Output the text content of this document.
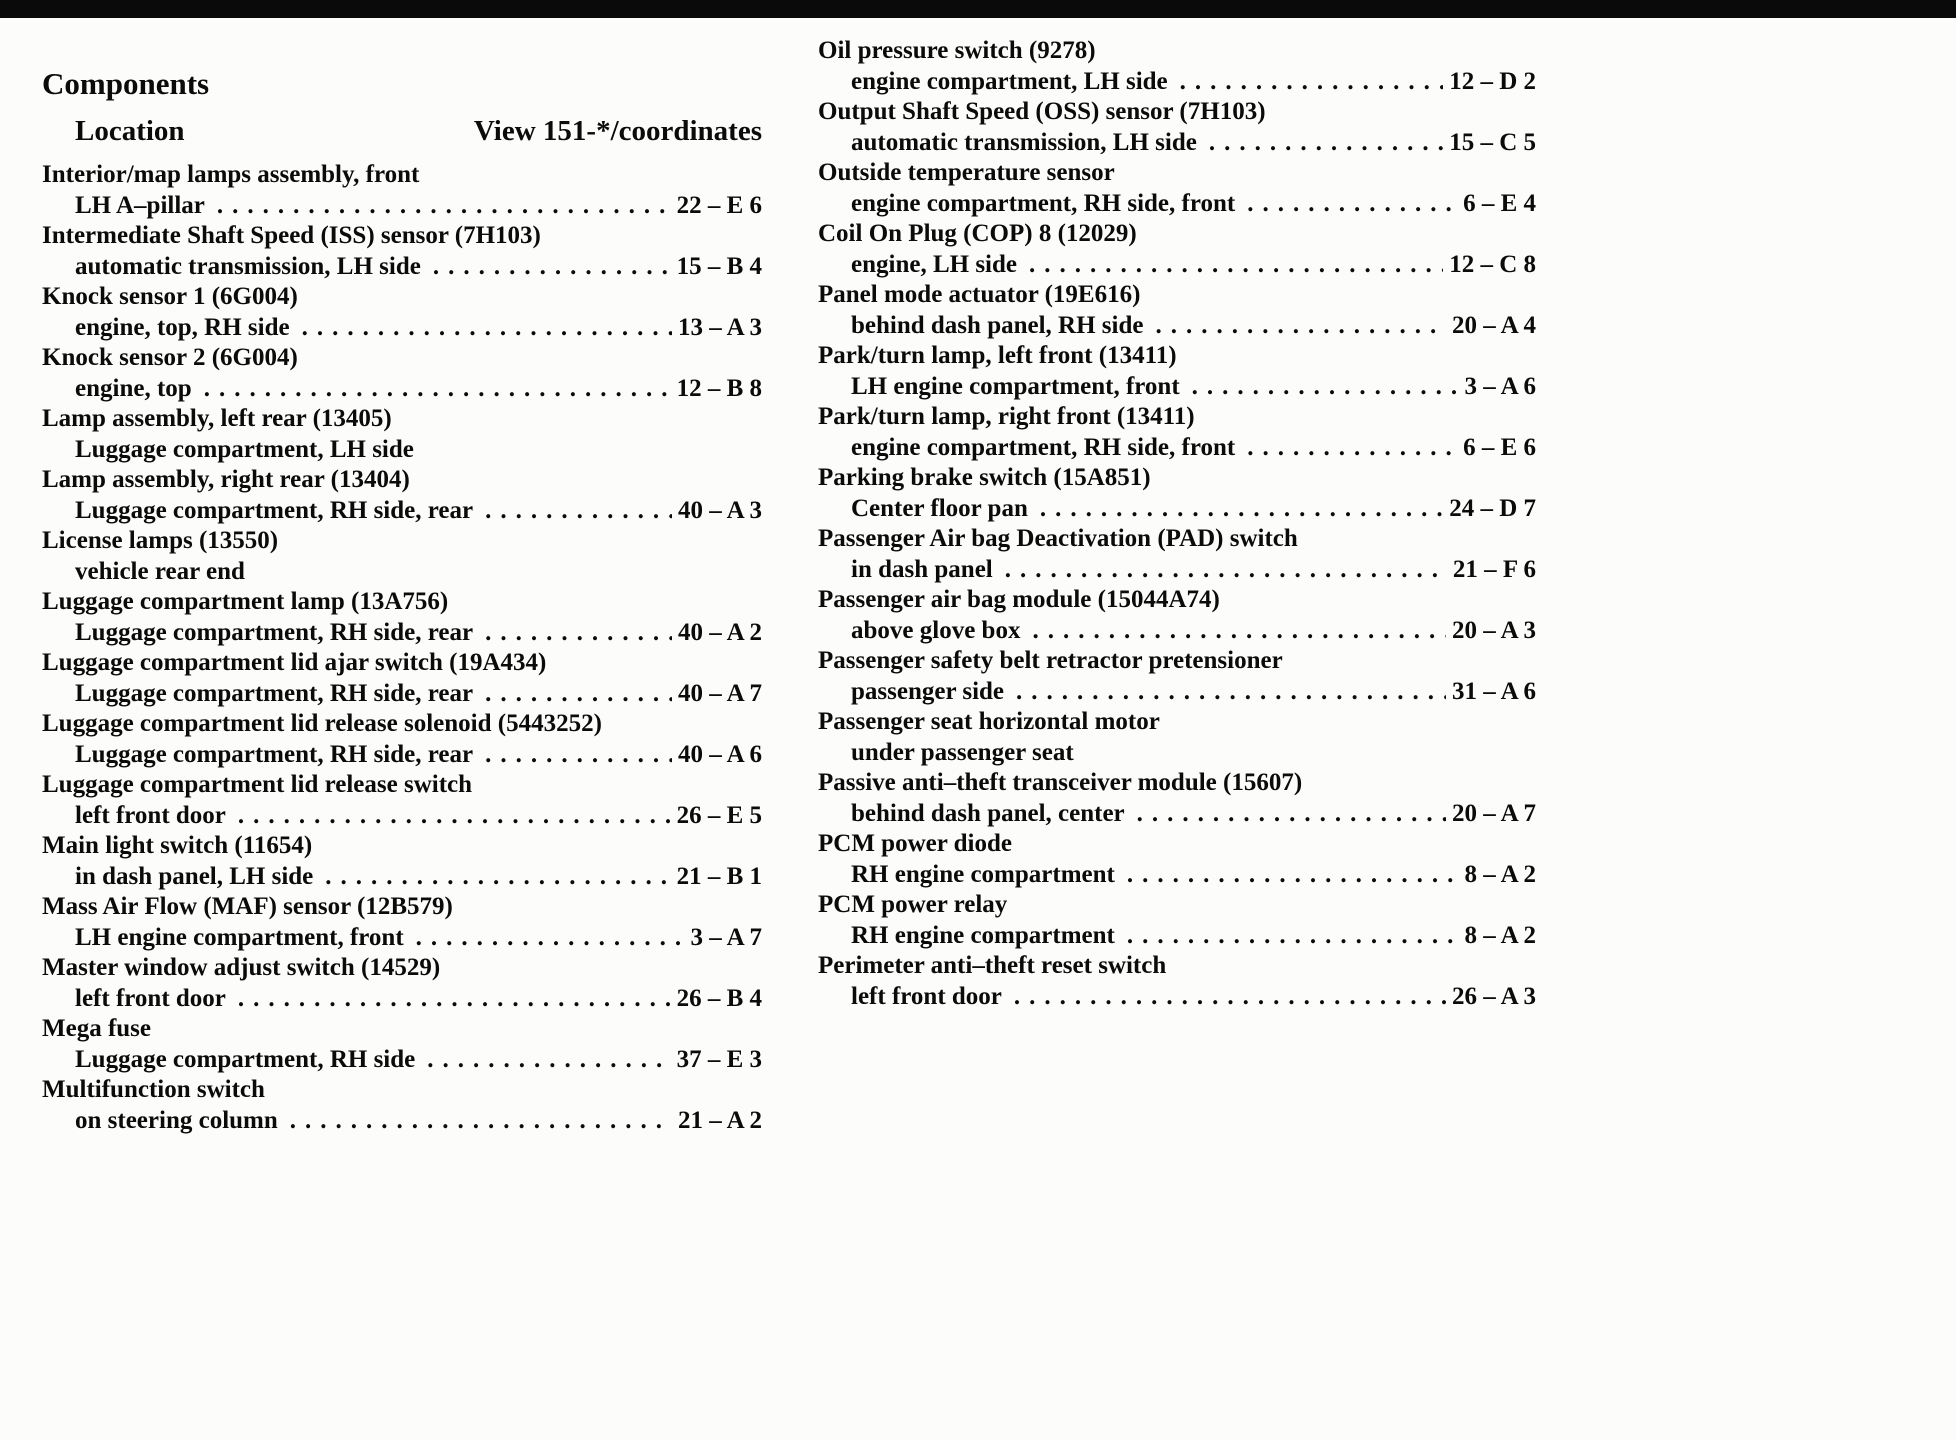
Components
Location	View 151-*/coordinates
Interior/map lamps assembly, front
LH A–pillar .....	22 – E 6
Intermediate Shaft Speed (ISS) sensor (7H103)
automatic transmission, LH side .....	15 – B 4
Knock sensor 1 (6G004)
engine, top, RH side .....	13 – A 3
Knock sensor 2 (6G004)
engine, top .....	12 – B 8
Lamp assembly, left rear (13405)
Luggage compartment, LH side
Lamp assembly, right rear (13404)
Luggage compartment, RH side, rear .....	40 – A 3
License lamps (13550)
vehicle rear end
Luggage compartment lamp (13A756)
Luggage compartment, RH side, rear .....	40 – A 2
Luggage compartment lid ajar switch (19A434)
Luggage compartment, RH side, rear .....	40 – A 7
Luggage compartment lid release solenoid (5443252)
Luggage compartment, RH side, rear .....	40 – A 6
Luggage compartment lid release switch
left front door .....	26 – E 5
Main light switch (11654)
in dash panel, LH side .....	21 – B 1
Mass Air Flow (MAF) sensor (12B579)
LH engine compartment, front .....	3 – A 7
Master window adjust switch (14529)
left front door .....	26 – B 4
Mega fuse
Luggage compartment, RH side .....	37 – E 3
Multifunction switch
on steering column .....	21 – A 2
Oil pressure switch (9278)
engine compartment, LH side .....	12 – D 2
Output Shaft Speed (OSS) sensor (7H103)
automatic transmission, LH side .....	15 – C 5
Outside temperature sensor
engine compartment, RH side, front .....	6 – E 4
Coil On Plug (COP) 8 (12029)
engine, LH side .....	12 – C 8
Panel mode actuator (19E616)
behind dash panel, RH side .....	20 – A 4
Park/turn lamp, left front (13411)
LH engine compartment, front .....	3 – A 6
Park/turn lamp, right front (13411)
engine compartment, RH side, front .....	6 – E 6
Parking brake switch (15A851)
Center floor pan .....	24 – D 7
Passenger Air bag Deactivation (PAD) switch
in dash panel .....	21 – F 6
Passenger air bag module (15044A74)
above glove box .....	20 – A 3
Passenger safety belt retractor pretensioner
passenger side .....	31 – A 6
Passenger seat horizontal motor
under passenger seat
Passive anti–theft transceiver module (15607)
behind dash panel, center .....	20 – A 7
PCM power diode
RH engine compartment .....	8 – A 2
PCM power relay
RH engine compartment .....	8 – A 2
Perimeter anti–theft reset switch
left front door .....	26 – A 3
